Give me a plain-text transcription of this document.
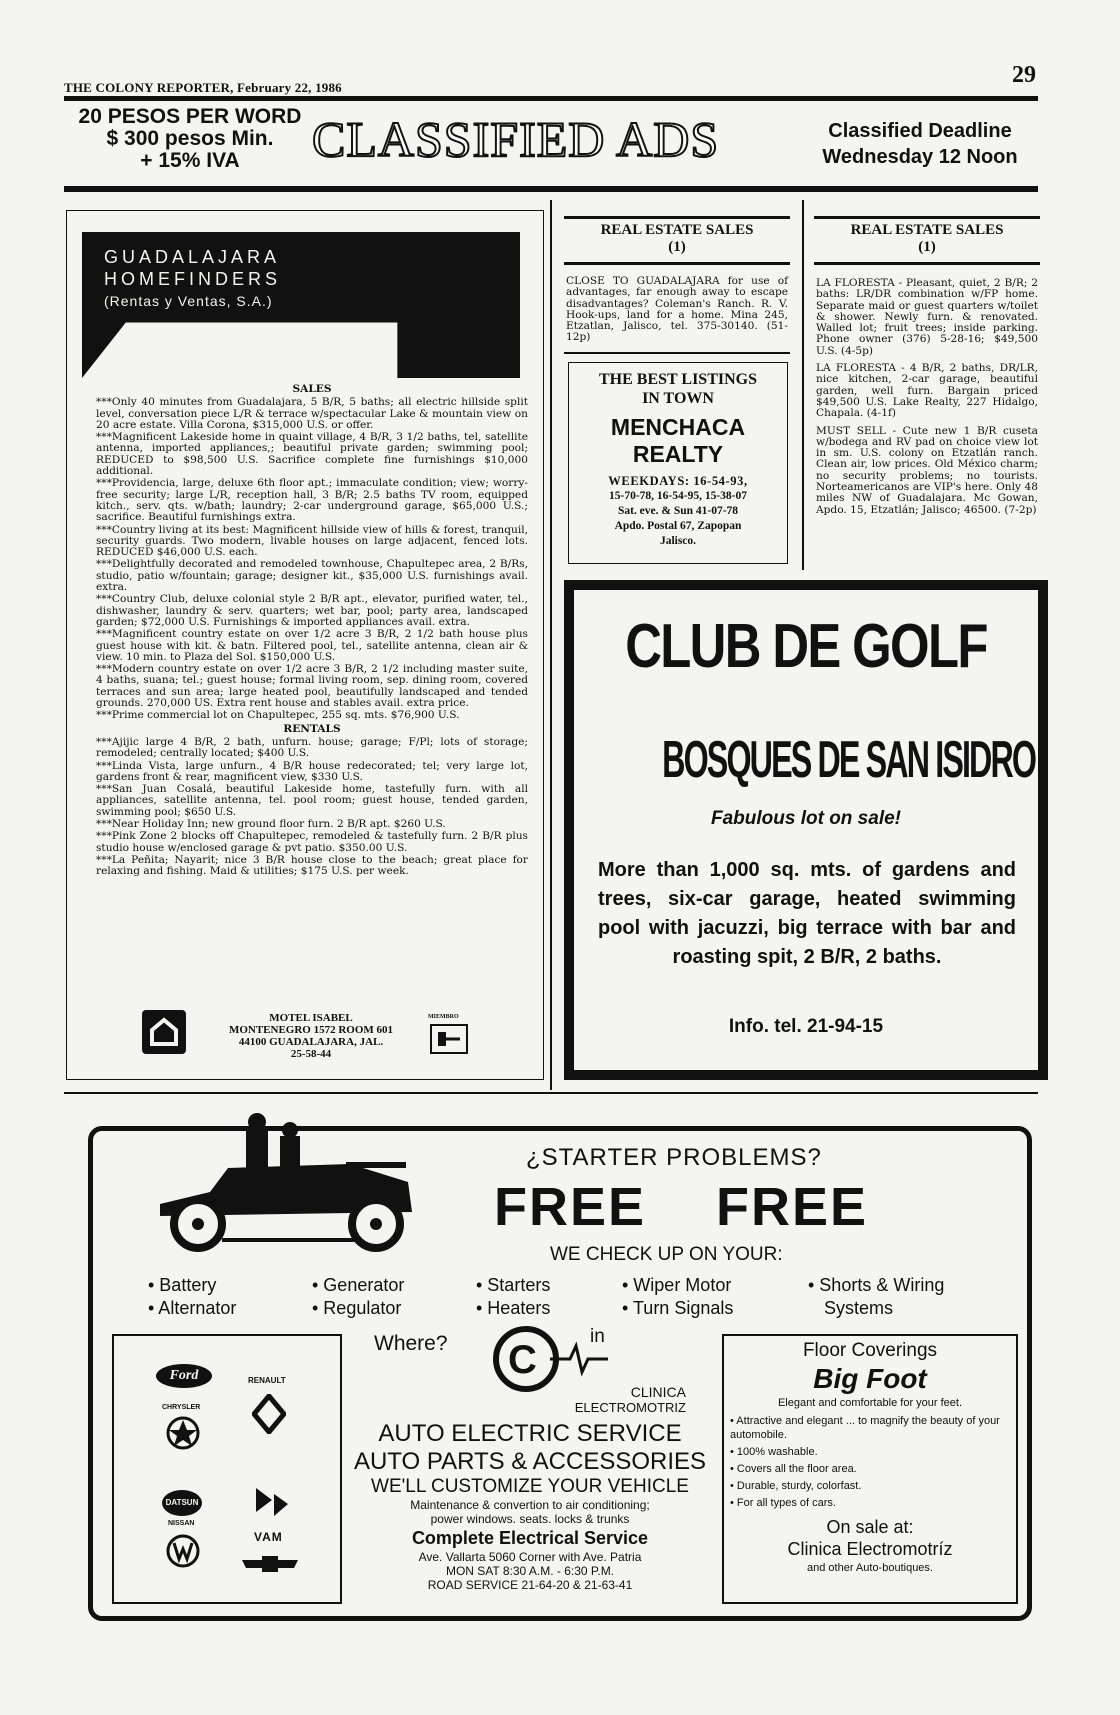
THE COLONY REPORTER, February 22, 1986	29
20 PESOS PER WORD
$ 300 pesos Min.
+ 15% IVA	CLASSIFIED ADS	Classified Deadline
Wednesday 12 Noon
GUADALAJARA
HOMEFINDERS
(Rentas y Ventas, S.A.)

SALES

***Only 40 minutes from Guadalajara, 5 B/R, 5 baths; all electric hillside split level, conversation piece L/R & terrace w/spectacular Lake & mountain view on 20 acre estate. Villa Corona, $315,000 U.S. or offer.

***Magnificent Lakeside home in quaint village, 4 B/R, 3 1/2 baths, tel, satellite antenna, imported appliances,; beautiful private garden; swimming pool; REDUCED to $98,500 U.S. Sacrifice complete fine furnishings $10,000 additional.

***Providencia, large, deluxe 6th floor apt.; immaculate condition; view; worry-free security; large L/R, reception hall, 3 B/R; 2.5 baths TV room, equipped kitch., serv. qts. w/bath; laundry; 2-car underground garage, $65,000 U.S.; sacrifice. Beautiful furnishings extra.

***Country living at its best: Magnificent hillside view of hills & forest, tranquil, security guards. Two modern, livable houses on large adjacent, fenced lots. REDUCED $46,000 U.S. each.

***Delightfully decorated and remodeled townhouse, Chapultepec area, 2 B/Rs, studio, patio w/fountain; garage; designer kit., $35,000 U.S. furnishings avail. extra.

***Country Club, deluxe colonial style 2 B/R apt., elevator, purified water, tel., dishwasher, laundry & serv. quarters; wet bar, pool; party area, landscaped garden; $72,000 U.S. Furnishings & imported appliances avail. extra.

***Magnificent country estate on over 1/2 acre 3 B/R, 2 1/2 bath house plus guest house with kit. & batn. Filtered pool, tel., satellite antenna, clean air & view. 10 min. to Plaza del Sol. $150,000 U.S.

***Modern country estate on over 1/2 acre 3 B/R, 2 1/2 including master suite, 4 baths, suana; tel.; guest house; formal living room, sep. dining room, covered terraces and sun area; large heated pool, beautifully landscaped and tended grounds. 270,000 US. Extra rent house and stables avail. extra price.

***Prime commercial lot on Chapultepec, 255 sq. mts. $76,900 U.S.

RENTALS

***Ajijic large 4 B/R, 2 bath, unfurn. house; garage; F/Pl; lots of storage; remodeled; centrally located; $400 U.S.

***Linda Vista, large unfurn., 4 B/R house redecorated; tel; very large lot, gardens front & rear, magnificent view, $330 U.S.

***San Juan Cosalá, beautiful Lakeside home, tastefully furn. with all appliances, satellite antenna, tel. pool room; guest house, tended garden, swimming pool; $650 U.S.

***Near Holiday Inn; new ground floor furn. 2 B/R apt. $260 U.S.

***Pink Zone 2 blocks off Chapultepec, remodeled & tastefully furn. 2 B/R plus studio house w/enclosed garage & pvt patio. $350.00 U.S.

***La Peñita; Nayarit; nice 3 B/R house close to the beach; great place for relaxing and fishing. Maid & utilities; $175 U.S. per week.

MOTEL ISABEL
MONTENEGRO 1572 ROOM 601
44100 GUADALAJARA, JAL.
25-58-44
MIEMBRO
REAL ESTATE SALES
(1)

CLOSE TO GUADALAJARA for use of advantages, far enough away to escape disadvantages? Coleman's Ranch. R. V. Hook-ups, land for a home. Mina 245, Etzatlan, Jalisco, tel. 375-30140. (51-12p)

THE BEST LISTINGS
IN TOWN
MENCHACA
REALTY
WEEKDAYS: 16-54-93,
15-70-78, 16-54-95, 15-38-07
Sat. eve. & Sun 41-07-78
Apdo. Postal 67, Zapopan
Jalisco.
REAL ESTATE SALES
(1)

LA FLORESTA - Pleasant, quiet, 2 B/R; 2 baths: LR/DR combination w/FP home. Separate maid or guest quarters w/toilet & shower. Newly furn. & renovated. Walled lot; fruit trees; inside parking. Phone owner (376) 5-28-16; $49,500 U.S. (4-5p)

LA FLORESTA - 4 B/R, 2 baths, DR/LR, nice kitchen, 2-car garage, beautiful garden, well furn. Bargain priced $49,500 U.S. Lake Realty, 227 Hidalgo, Chapala. (4-1f)

MUST SELL - Cute new 1 B/R cuseta w/bodega and RV pad on choice view lot in sm. U.S. colony on Etzatlán ranch. Clean air, low prices. Old México charm; no security problems; no tourists. Norteamericanos are VIP's here. Only 48 miles NW of Guadalajara. Mc Gowan, Apdo. 15, Etzatlán; Jalisco; 46500. (7-2p)

CLUB DE GOLF
BOSQUES DE SAN ISIDRO
Fabulous lot on sale!
More than 1,000 sq. mts. of gardens and trees, six-car garage, heated swimming pool with jacuzzi, big terrace with bar and roasting spit, 2 B/R, 2 baths.
Info. tel. 21-94-15
¿STARTER PROBLEMS?
FREE FREE
WE CHECK UP ON YOUR:
• Battery
• Alternator
• Generator
• Regulator
• Starters
• Heaters
• Wiper Motor
• Turn Signals
• Shorts & Wiring
Systems
Ford	RENAULT
CHRYSLER
DATSUN
NISSAN
VAM
Where?	in
C
CLINICA
ELECTROMOTRIZ
AUTO ELECTRIC SERVICE
AUTO PARTS & ACCESSORIES
WE'LL CUSTOMIZE YOUR VEHICLE
Maintenance & convertion to air conditioning;
power windows. seats. locks & trunks
Complete Electrical Service
Ave. Vallarta 5060 Corner with Ave. Patria
MON SAT 8:30 A.M. - 6:30 P.M.
ROAD SERVICE 21-64-20 & 21-63-41
Floor Coverings
Big Foot
Elegant and comfortable for your feet.
• Attractive and elegant ... to magnify the beauty of your automobile.
• 100% washable.
• Covers all the floor area.
• Durable, sturdy, colorfast.
• For all types of cars.
On sale at:
Clinica Electromotríz
and other Auto-boutiques.
